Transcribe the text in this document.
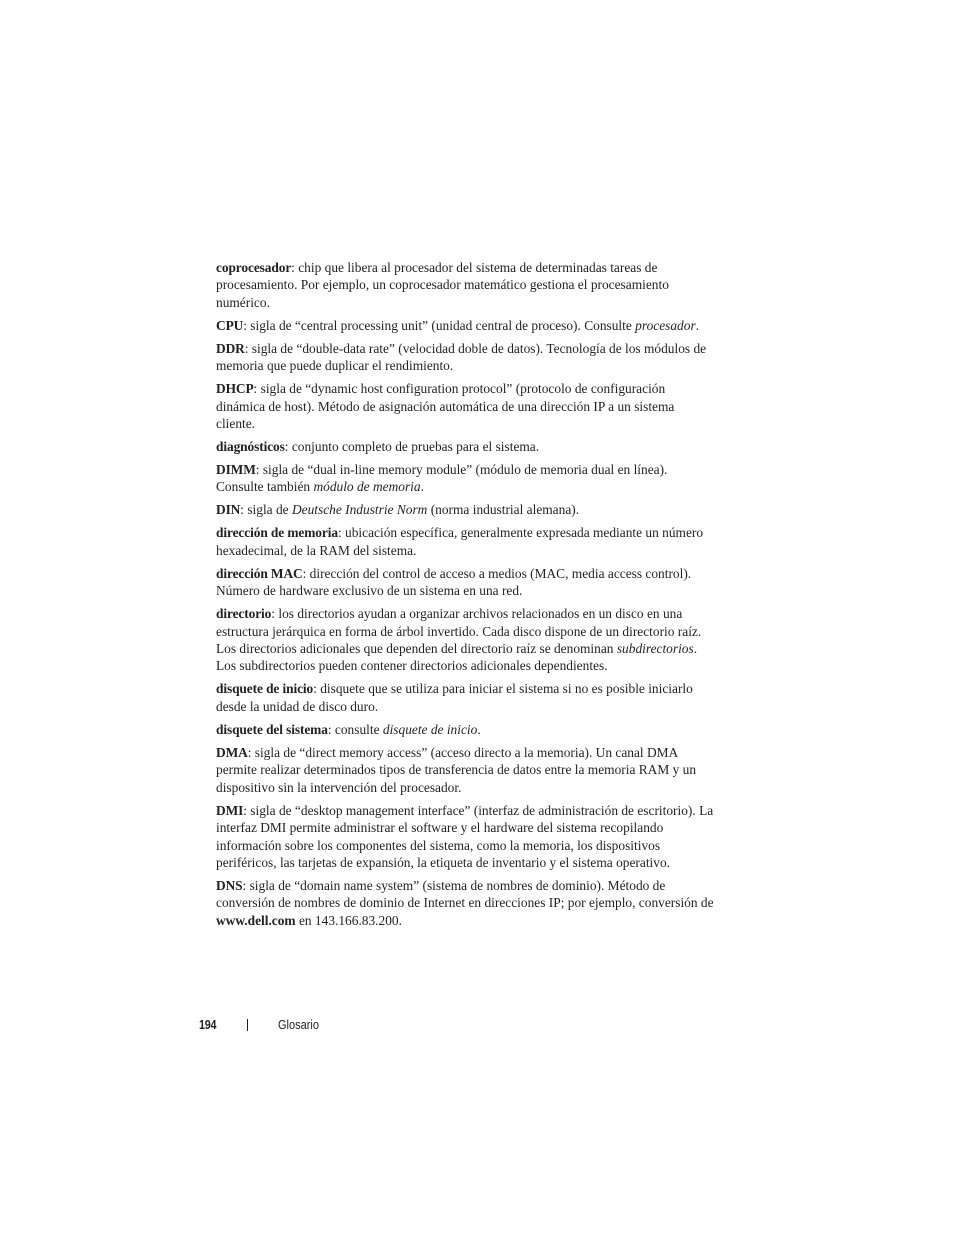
coprocesador: chip que libera al procesador del sistema de determinadas tareas de procesamiento. Por ejemplo, un coprocesador matemático gestiona el procesamiento numérico.

CPU: sigla de “central processing unit” (unidad central de proceso). Consulte procesador.

DDR: sigla de “double-data rate” (velocidad doble de datos). Tecnología de los módulos de memoria que puede duplicar el rendimiento.

DHCP: sigla de “dynamic host configuration protocol” (protocolo de configuración dinámica de host). Método de asignación automática de una dirección IP a un sistema cliente.

diagnósticos: conjunto completo de pruebas para el sistema.

DIMM: sigla de “dual in-line memory module” (módulo de memoria dual en línea). Consulte también módulo de memoria.

DIN: sigla de Deutsche Industrie Norm (norma industrial alemana).

dirección de memoria: ubicación específica, generalmente expresada mediante un número hexadecimal, de la RAM del sistema.

dirección MAC: dirección del control de acceso a medios (MAC, media access control). Número de hardware exclusivo de un sistema en una red.

directorio: los directorios ayudan a organizar archivos relacionados en un disco en una estructura jerárquica en forma de árbol invertido. Cada disco dispone de un directorio raíz. Los directorios adicionales que dependen del directorio raíz se denominan subdirectorios. Los subdirectorios pueden contener directorios adicionales dependientes.

disquete de inicio: disquete que se utiliza para iniciar el sistema si no es posible iniciarlo desde la unidad de disco duro.

disquete del sistema: consulte disquete de inicio.

DMA: sigla de “direct memory access” (acceso directo a la memoria). Un canal DMA permite realizar determinados tipos de transferencia de datos entre la memoria RAM y un dispositivo sin la intervención del procesador.

DMI: sigla de “desktop management interface” (interfaz de administración de escritorio). La interfaz DMI permite administrar el software y el hardware del sistema recopilando información sobre los componentes del sistema, como la memoria, los dispositivos periféricos, las tarjetas de expansión, la etiqueta de inventario y el sistema operativo.

DNS: sigla de “domain name system” (sistema de nombres de dominio). Método de conversión de nombres de dominio de Internet en direcciones IP; por ejemplo, conversión de www.dell.com en 143.166.83.200.

194	Glosario
